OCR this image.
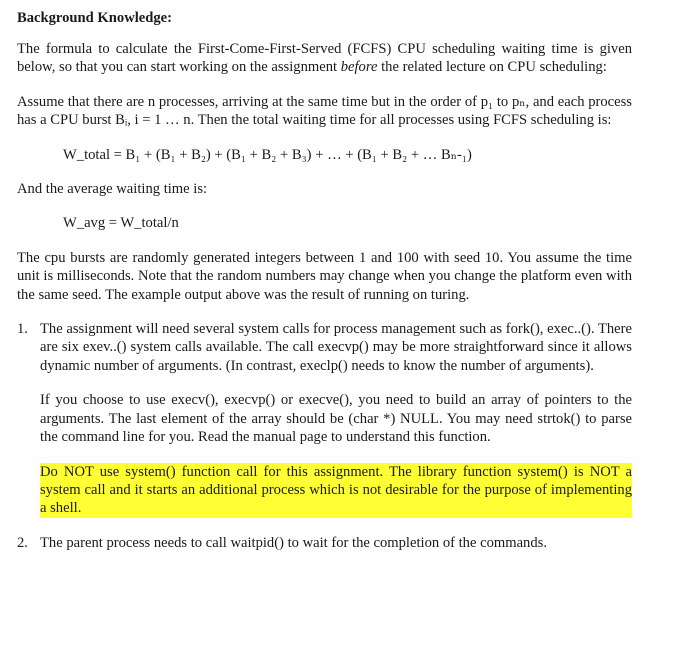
Background Knowledge:

The formula to calculate the First-Come-First-Served (FCFS) CPU scheduling waiting time is given below, so that you can start working on the assignment before the related lecture on CPU scheduling:

Assume that there are n processes, arriving at the same time but in the order of p₁ to pₙ, and each process has a CPU burst Bᵢ, i = 1 … n. Then the total waiting time for all processes using FCFS scheduling is:

W_total = B₁ + (B₁ + B₂) + (B₁ + B₂ + B₃) + … + (B₁ + B₂ + … Bₙ-₁)

And the average waiting time is:

W_avg = W_total/n

The cpu bursts are randomly generated integers between 1 and 100 with seed 10. You assume the time unit is milliseconds. Note that the random numbers may change when you change the platform even with the same seed. The example output above was the result of running on turing.

1. The assignment will need several system calls for process management such as fork(), exec..(). There are six exev..() system calls available. The call execvp() may be more straightforward since it allows dynamic number of arguments. (In contrast, execlp() needs to know the number of arguments).

If you choose to use execv(), execvp() or execve(), you need to build an array of pointers to the arguments. The last element of the array should be (char *) NULL. You may need strtok() to parse the command line for you. Read the manual page to understand this function.

Do NOT use system() function call for this assignment. The library function system() is NOT a system call and it starts an additional process which is not desirable for the purpose of implementing a shell.

2. The parent process needs to call waitpid() to wait for the completion of the commands.
